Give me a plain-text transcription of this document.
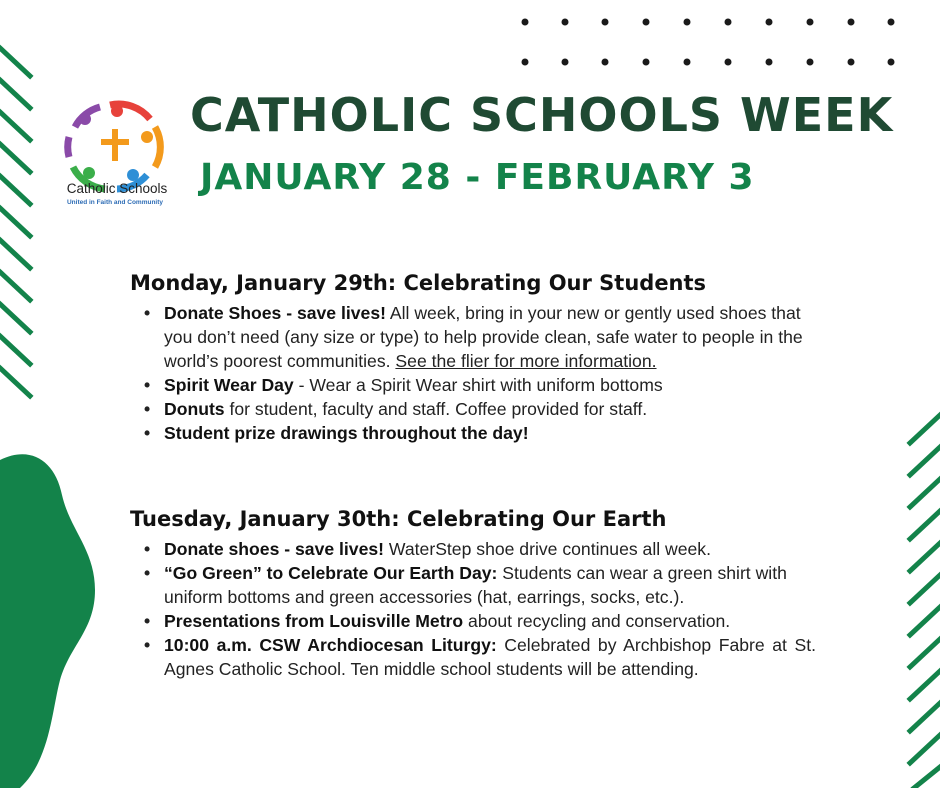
Catholic Schools
United in Faith and Community
CATHOLIC SCHOOLS WEEK
JANUARY 28 - FEBRUARY 3
Monday, January 29th: Celebrating Our Students
• Donate Shoes - save lives! All week, bring in your new or gently used shoes that you don’t need (any size or type) to help provide clean, safe water to people in the world’s poorest communities. See the flier for more information.
• Spirit Wear Day - Wear a Spirit Wear shirt with uniform bottoms
• Donuts for student, faculty and staff. Coffee provided for staff.
• Student prize drawings throughout the day!
Tuesday, January 30th: Celebrating Our Earth
• Donate shoes - save lives! WaterStep shoe drive continues all week.
• “Go Green” to Celebrate Our Earth Day: Students can wear a green shirt with uniform bottoms and green accessories (hat, earrings, socks, etc.).
• Presentations from Louisville Metro about recycling and conservation.
• 10:00 a.m. CSW Archdiocesan Liturgy: Celebrated by Archbishop Fabre at St. Agnes Catholic School. Ten middle school students will be attending.
